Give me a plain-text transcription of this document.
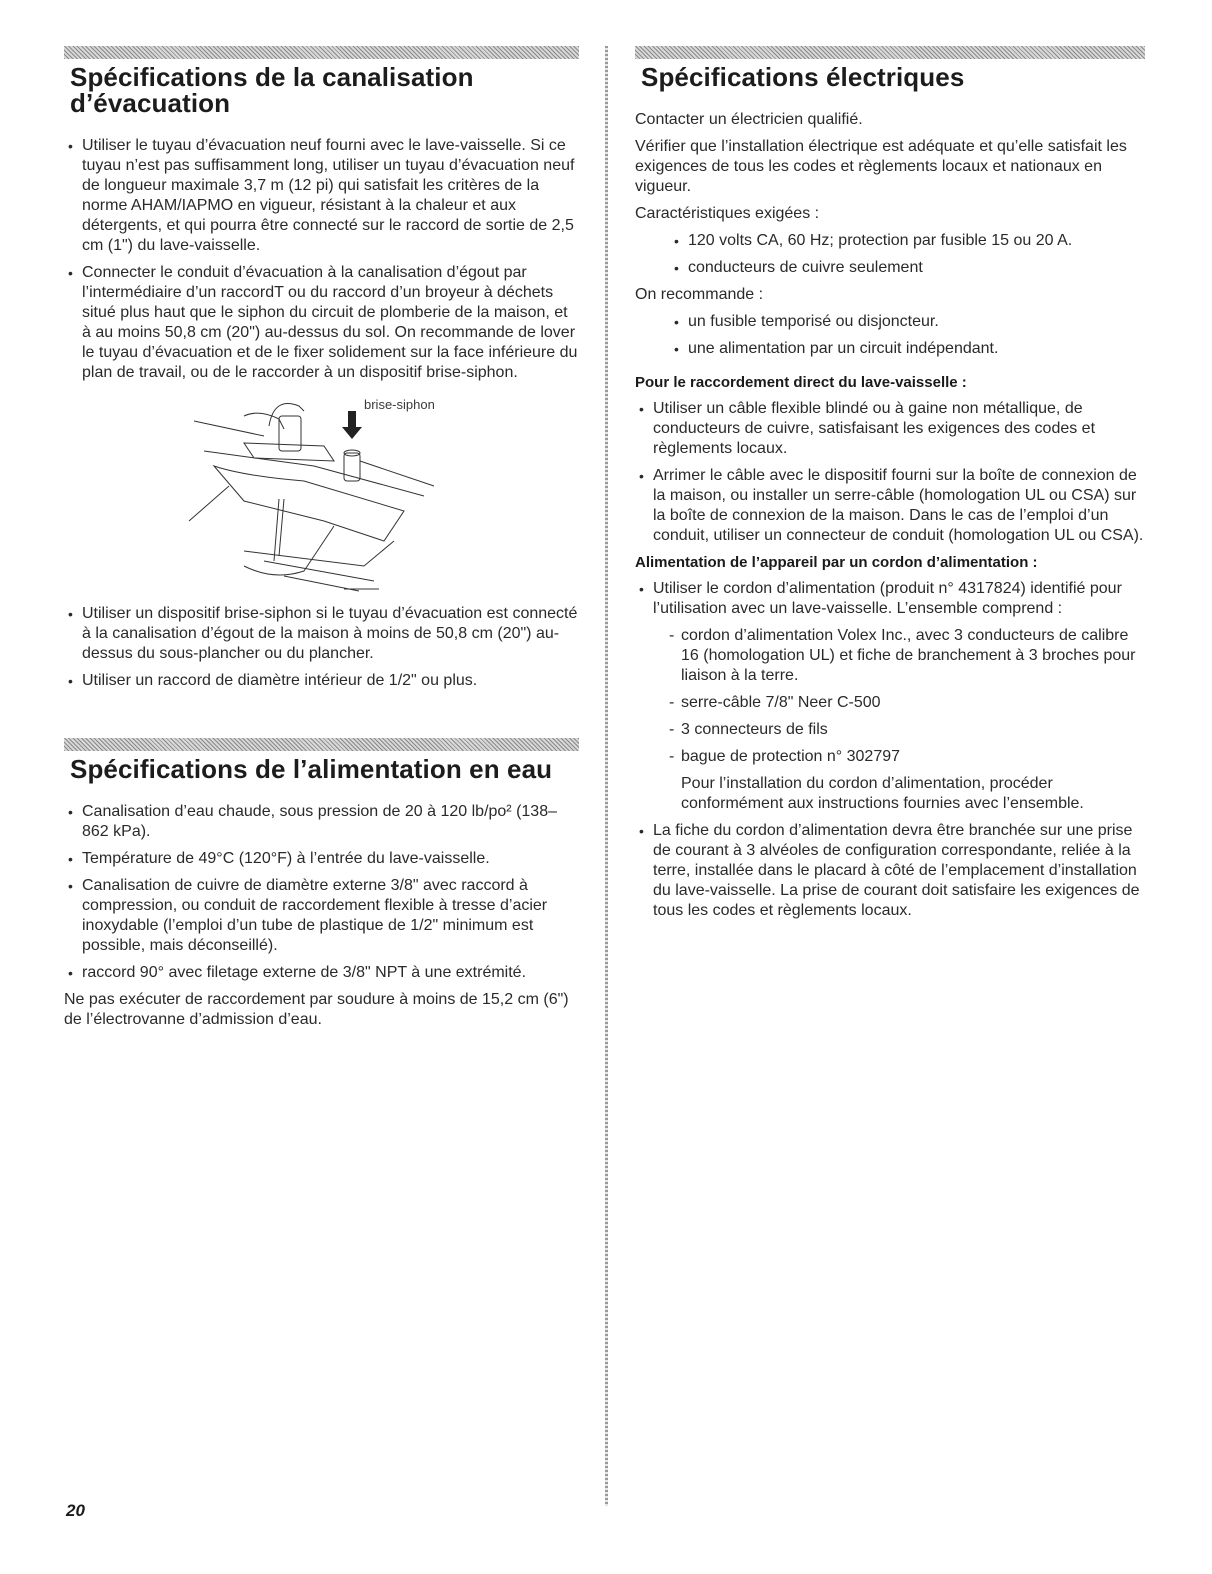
Spécifications de la canalisation
d’évacuation
• Utiliser le tuyau d’évacuation neuf fourni avec le lave-vaisselle. Si ce tuyau n’est pas suffisamment long, utiliser un tuyau d’évacuation neuf de longueur maximale 3,7 m (12 pi) qui satisfait les critères de la norme AHAM/IAPMO en vigueur, résistant à la chaleur et aux détergents, et qui pourra être connecté sur le raccord de sortie de 2,5 cm (1") du lave-vaisselle.
• Connecter le conduit d’évacuation à la canalisation d’égout par l’intermédiaire d’un raccordT ou du raccord d’un broyeur à déchets situé plus haut que le siphon du circuit de plomberie de la maison, et à au moins 50,8 cm (20") au-dessus du sol. On recommande de lover le tuyau d’évacuation et de le fixer solidement sur la face inférieure du plan de travail, ou de le raccorder à un dispositif brise-siphon.
brise-siphon
• Utiliser un dispositif brise-siphon si le tuyau d’évacuation est connecté à la canalisation d’égout de la maison à moins de 50,8 cm (20") au-dessus du sous-plancher ou du plancher.
• Utiliser un raccord de diamètre intérieur de 1/2" ou plus.
Spécifications de l’alimentation en eau
• Canalisation d’eau chaude, sous pression de 20 à 120 lb/po² (138–862 kPa).
• Température de 49°C (120°F) à l’entrée du lave-vaisselle.
• Canalisation de cuivre de diamètre externe 3/8" avec raccord à compression, ou conduit de raccordement flexible à tresse d’acier inoxydable (l’emploi d’un tube de plastique de 1/2" minimum est possible, mais déconseillé).
• raccord 90° avec filetage externe de 3/8" NPT à une extrémité.

Ne pas exécuter de raccordement par soudure à moins de 15,2 cm (6") de l’électrovanne d’admission d’eau.

Spécifications électriques

Contacter un électricien qualifié.

Vérifier que l’installation électrique est adéquate et qu’elle satisfait les exigences de tous les codes et règlements locaux et nationaux en vigueur.

Caractéristiques exigées :

• 120 volts CA, 60 Hz; protection par fusible 15 ou 20 A.
• conducteurs de cuivre seulement

On recommande :

• un fusible temporisé ou disjoncteur.
• une alimentation par un circuit indépendant.
Pour le raccordement direct du lave-vaisselle :
• Utiliser un câble flexible blindé ou à gaine non métallique, de conducteurs de cuivre, satisfaisant les exigences des codes et règlements locaux.
• Arrimer le câble avec le dispositif fourni sur la boîte de connexion de la maison, ou installer un serre-câble (homologation UL ou CSA) sur la boîte de connexion de la maison. Dans le cas de l’emploi d’un conduit, utiliser un connecteur de conduit (homologation UL ou CSA).
Alimentation de l’appareil par un cordon d’alimentation :
• Utiliser le cordon d’alimentation (produit n° 4317824) identifié pour l’utilisation avec un lave-vaisselle. L’ensemble comprend :
- cordon d’alimentation Volex Inc., avec 3 conducteurs de calibre 16 (homologation UL) et fiche de branchement à 3 broches pour liaison à la terre.
- serre-câble 7/8" Neer C-500
- 3 connecteurs de fils
- bague de protection n° 302797

Pour l’installation du cordon d’alimentation, procéder conformément aux instructions fournies avec l’ensemble.

• La fiche du cordon d’alimentation devra être branchée sur une prise de courant à 3 alvéoles de configuration correspondante, reliée à la terre, installée dans le placard à côté de l’emplacement d’installation du lave-vaisselle. La prise de courant doit satisfaire les exigences de tous les codes et règlements locaux.
20
